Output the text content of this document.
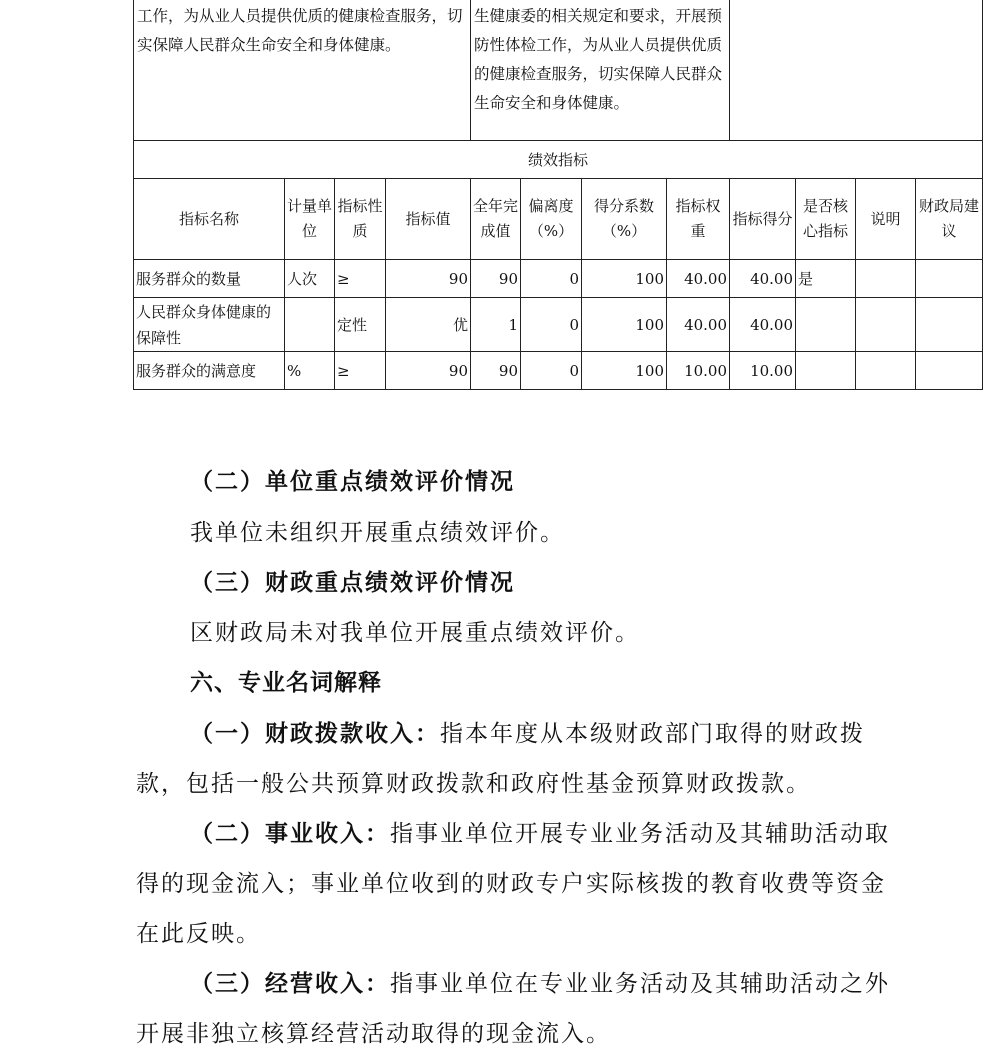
工作，为从业人员提供优质的健康检查服务，切实保障人民群众生命安全和身体健康。				生健康委的相关规定和要求，开展预防性体检工作，为从业人员提供优质的健康检查服务，切实保障人民群众生命安全和身体健康。							
绩效指标											
指标名称	计量单位	指标性质	指标值	全年完成值	偏离度（%）	得分系数（%）	指标权重	指标得分	是否核心指标	说明	财政局建议
服务群众的数量	人次	≥	90	90	0	100	40.00	40.00	是		
人民群众身体健康的保障性		定性	优	1	0	100	40.00	40.00			
服务群众的满意度	%	≥	90	90	0	100	10.00	10.00			
（二）单位重点绩效评价情况
我单位未组织开展重点绩效评价。
（三）财政重点绩效评价情况
区财政局未对我单位开展重点绩效评价。
六、专业名词解释
（一）财政拨款收入：指本年度从本级财政部门取得的财政拨款，包括一般公共预算财政拨款和政府性基金预算财政拨款。
（二）事业收入：指事业单位开展专业业务活动及其辅助活动取得的现金流入；事业单位收到的财政专户实际核拨的教育收费等资金在此反映。
（三）经营收入：指事业单位在专业业务活动及其辅助活动之外开展非独立核算经营活动取得的现金流入。
